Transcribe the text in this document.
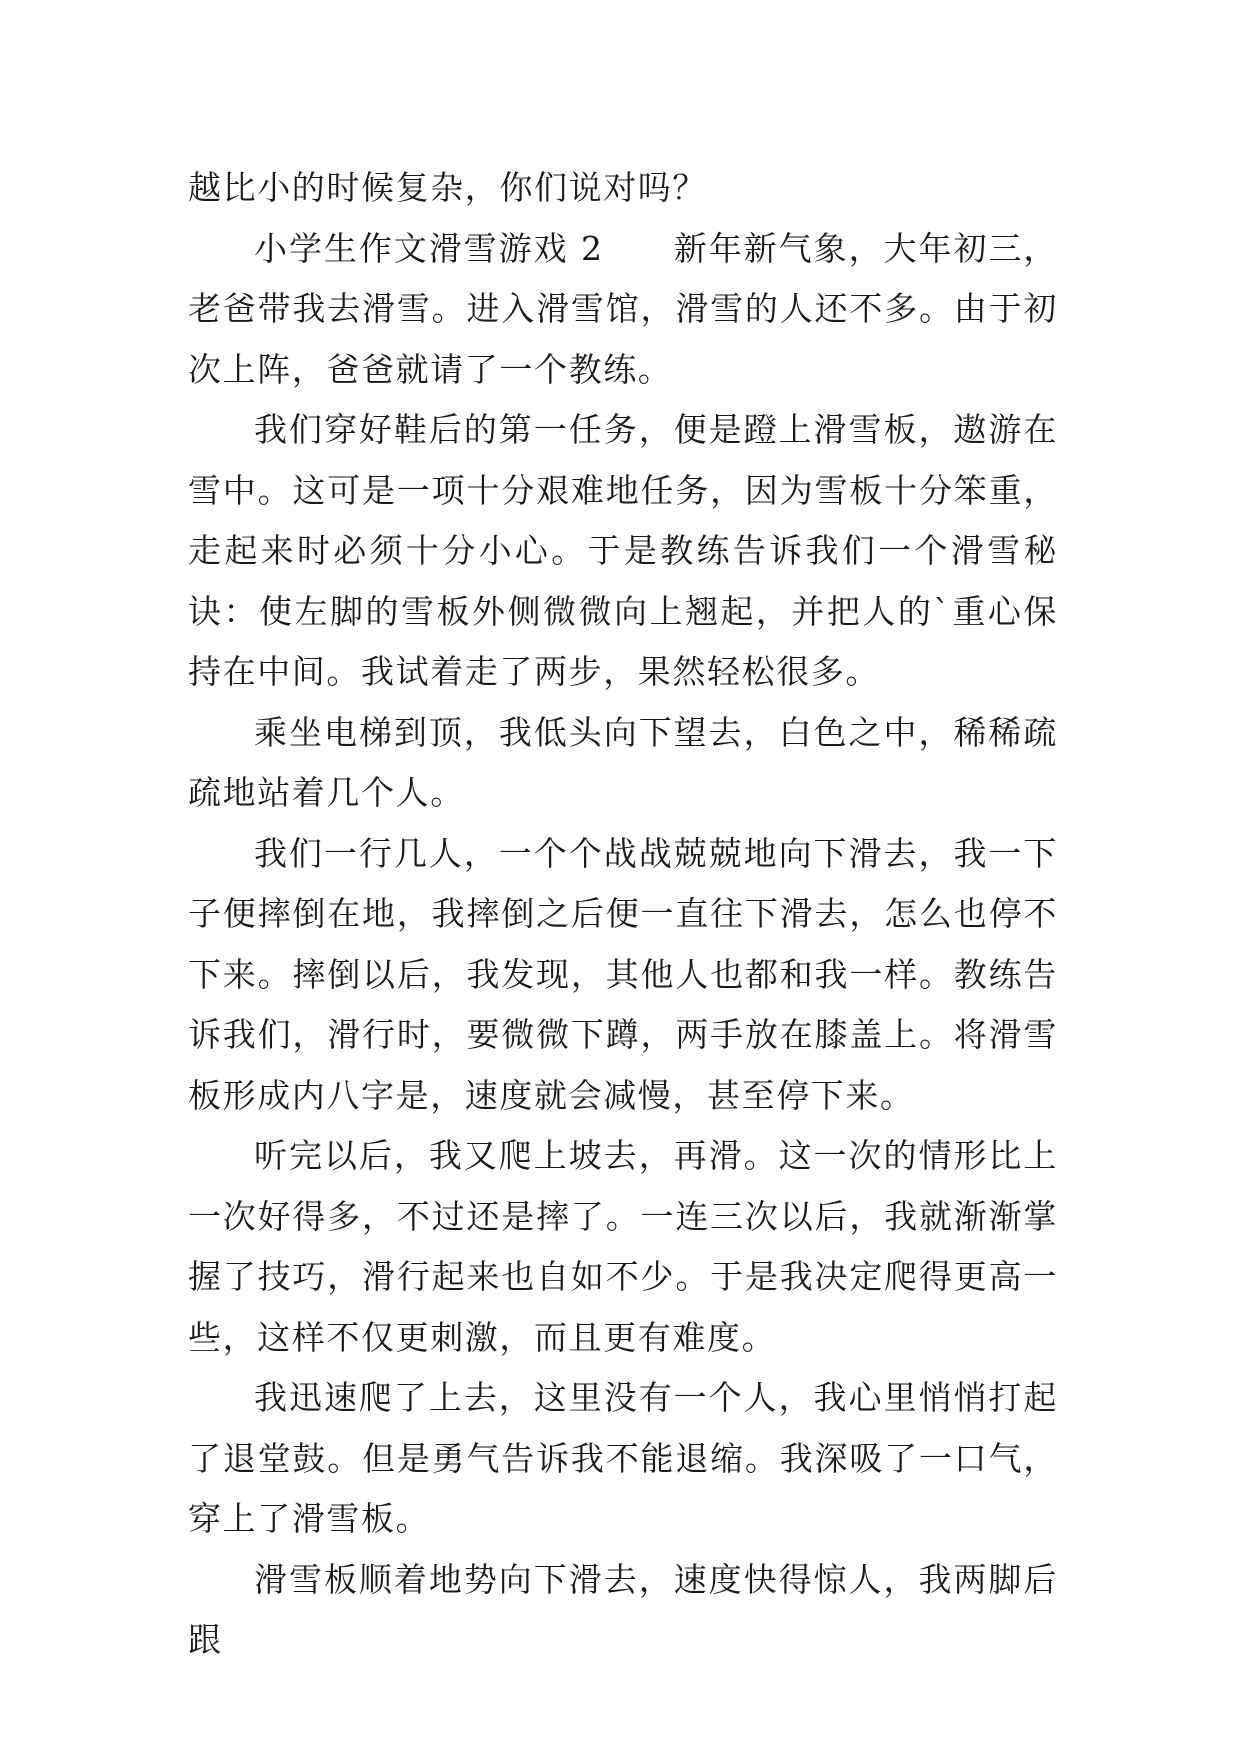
越比小的时候复杂，你们说对吗？

小学生作文滑雪游戏 2　　新年新气象，大年初三，老爸带我去滑雪。进入滑雪馆，滑雪的人还不多。由于初次上阵，爸爸就请了一个教练。

我们穿好鞋后的第一任务，便是蹬上滑雪板，遨游在雪中。这可是一项十分艰难地任务，因为雪板十分笨重，走起来时必须十分小心。于是教练告诉我们一个滑雪秘诀：使左脚的雪板外侧微微向上翘起，并把人的`重心保持在中间。我试着走了两步，果然轻松很多。

乘坐电梯到顶，我低头向下望去，白色之中，稀稀疏疏地站着几个人。

我们一行几人，一个个战战兢兢地向下滑去，我一下子便摔倒在地，我摔倒之后便一直往下滑去，怎么也停不下来。摔倒以后，我发现，其他人也都和我一样。教练告诉我们，滑行时，要微微下蹲，两手放在膝盖上。将滑雪板形成内八字是，速度就会减慢，甚至停下来。

听完以后，我又爬上坡去，再滑。这一次的情形比上一次好得多，不过还是摔了。一连三次以后，我就渐渐掌握了技巧，滑行起来也自如不少。于是我决定爬得更高一些，这样不仅更刺激，而且更有难度。

我迅速爬了上去，这里没有一个人，我心里悄悄打起了退堂鼓。但是勇气告诉我不能退缩。我深吸了一口气，穿上了滑雪板。

滑雪板顺着地势向下滑去，速度快得惊人，我两脚后跟
